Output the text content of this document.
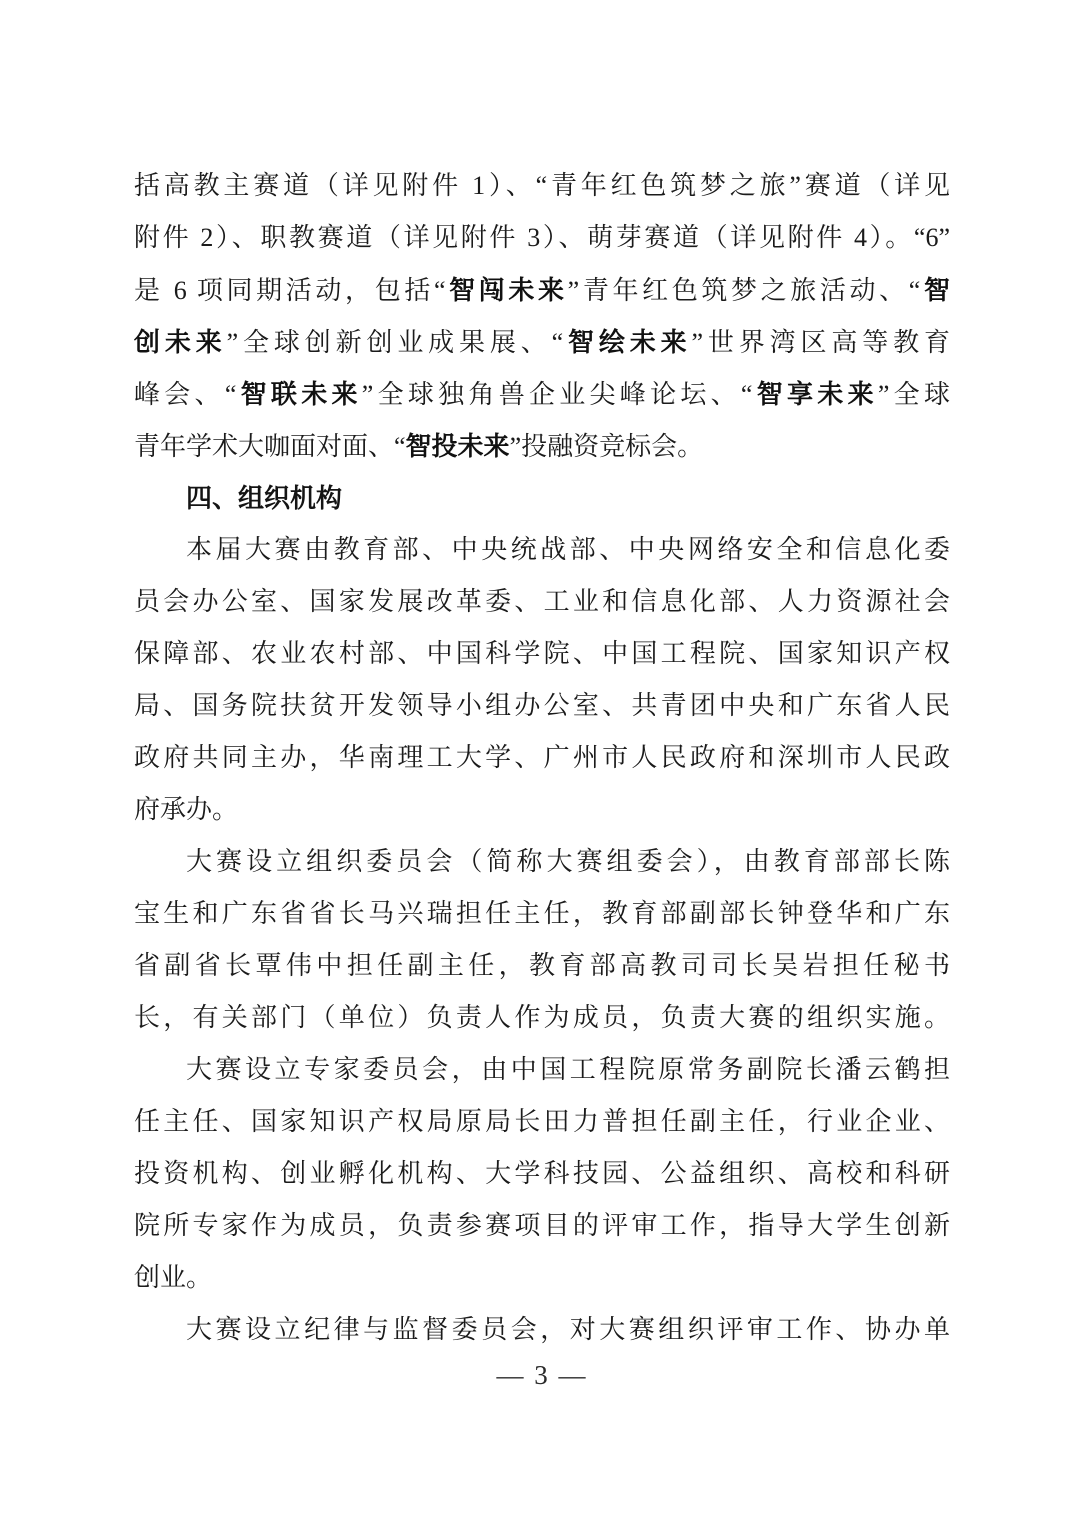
括高教主赛道（详见附件 1）、“青年红色筑梦之旅”赛道（详见
附件 2）、职教赛道（详见附件 3）、萌芽赛道（详见附件 4）。“6”
是 6 项同期活动，包括“智闯未来”青年红色筑梦之旅活动、“智
创未来”全球创新创业成果展、“智绘未来”世界湾区高等教育
峰会、“智联未来”全球独角兽企业尖峰论坛、“智享未来”全球
青年学术大咖面对面、“智投未来”投融资竞标会。
四、组织机构
本届大赛由教育部、中央统战部、中央网络安全和信息化委
员会办公室、国家发展改革委、工业和信息化部、人力资源社会
保障部、农业农村部、中国科学院、中国工程院、国家知识产权
局、国务院扶贫开发领导小组办公室、共青团中央和广东省人民
政府共同主办，华南理工大学、广州市人民政府和深圳市人民政
府承办。
大赛设立组织委员会（简称大赛组委会），由教育部部长陈
宝生和广东省省长马兴瑞担任主任，教育部副部长钟登华和广东
省副省长覃伟中担任副主任，教育部高教司司长吴岩担任秘书
长，有关部门（单位）负责人作为成员，负责大赛的组织实施。
大赛设立专家委员会，由中国工程院原常务副院长潘云鹤担
任主任、国家知识产权局原局长田力普担任副主任，行业企业、
投资机构、创业孵化机构、大学科技园、公益组织、高校和科研
院所专家作为成员，负责参赛项目的评审工作，指导大学生创新
创业。
大赛设立纪律与监督委员会，对大赛组织评审工作、协办单
— 3 —
